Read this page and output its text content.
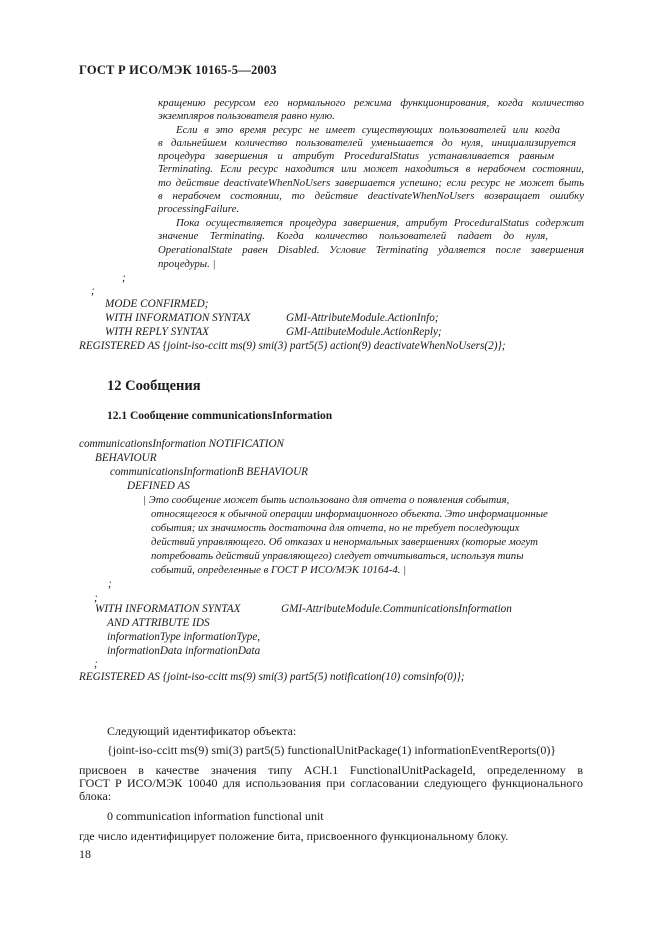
ГОСТ Р ИСО/МЭК 10165-5—2003
кращению ресурсом его нормального режима функционирования, когда количество
экземпляров пользователя равно нулю.
Если в это время ресурс не имеет существующих пользователей или когда
в дальнейшем количество пользователей уменьшается до нуля, инициализируется
процедура завершения и атрибут ProceduralStatus устанавливается равным
Terminating. Если ресурс находится или может находиться в нерабочем состоянии,
то действие deactivateWhenNoUsers завершается успешно; если ресурс не может быть
в нерабочем состоянии, то действие deactivateWhenNoUsers возвращает ошибку
processingFailure.
Пока осуществляется процедура завершения, атрибут ProceduralStatus содержит
значение Terminating. Когда количество пользователей падает до нуля,
OperationalState равен Disabled. Условие Terminating удаляется после завершения
процедуры. |
;
;
MODE CONFIRMED;
WITH INFORMATION SYNTAX	GMI-AttributeModule.ActionInfo;
WITH REPLY SYNTAX	GMI-AttibuteModule.ActionReply;
REGISTERED AS {joint-iso-ccitt ms(9) smi(3) part5(5) action(9) deactivateWhenNoUsers(2)};
12 Сообщения
12.1 Сообщение communicationsInformation
communicationsInformation NOTIFICATION
BEHAVIOUR
communicationsInformationB BEHAVIOUR
DEFINED AS
| Это сообщение может быть использовано для отчета о появления события,
относящегося к обычной операции информационного объекта. Это информационные
события; их значимость достаточна для отчета, но не требует последующих
действий управляющего. Об отказах и ненормальных завершениях (которые могут
потребовать действий управляющего) следует отчитываться, используя типы
событий, определенные в ГОСТ Р ИСО/МЭК 10164-4. |
;
;
WITH INFORMATION SYNTAX	GMI-AttributeModule.CommunicationsInformation
AND ATTRIBUTE IDS
informationType informationType,
informationData informationData
;
REGISTERED AS {joint-iso-ccitt ms(9) smi(3) part5(5) notification(10) comsinfo(0)};
Следующий идентификатор объекта:
{joint-iso-ccitt ms(9) smi(3) part5(5) functionalUnitPackage(1) informationEventReports(0)}
присвоен в качестве значения типу ACH.1 FunctionalUnitPackageId, определенному в
ГОСТ Р ИСО/МЭК 10040 для использования при согласовании следующего функционального
блока:
0 communication information functional unit
где число идентифицирует положение бита, присвоенного функциональному блоку.
18
